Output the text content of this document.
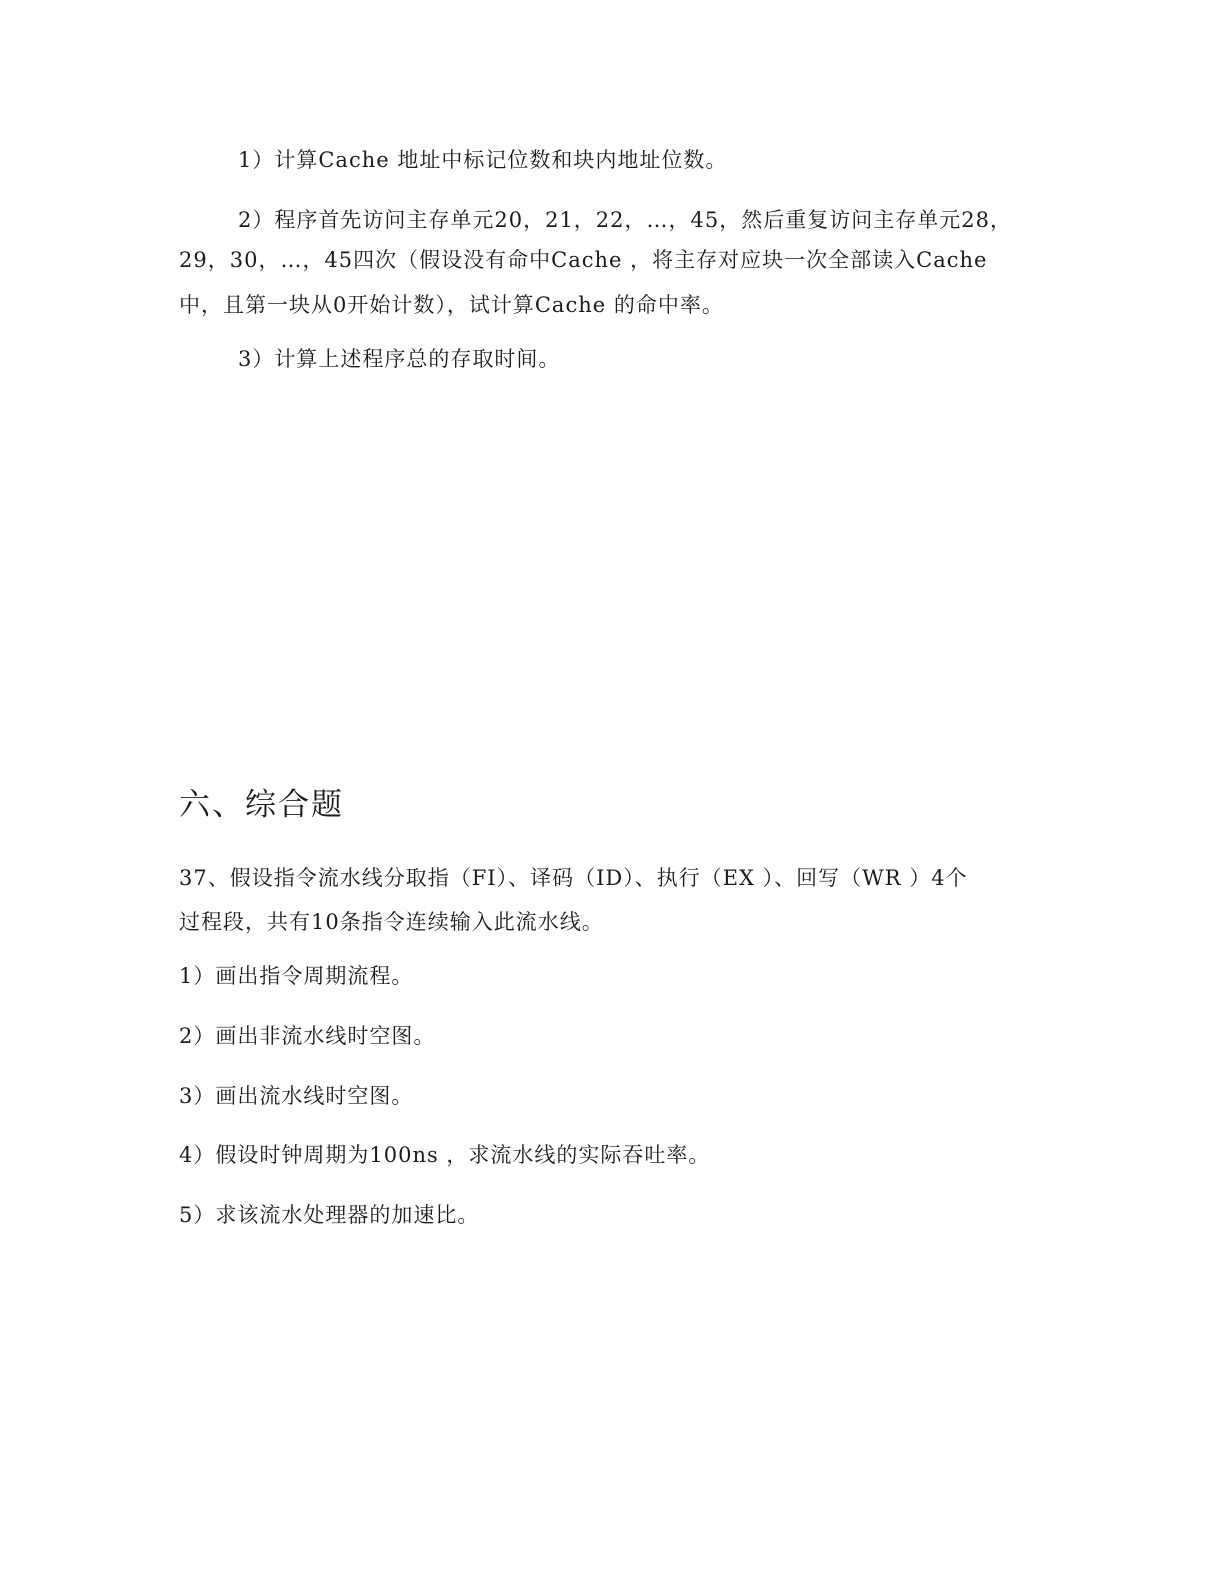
1）计算Cache 地址中标记位数和块内地址位数。
2）程序首先访问主存单元20，21，22，…，45，然后重复访问主存单元28，
29，30，…，45四次（假设没有命中Cache ，将主存对应块一次全部读入Cache
中，且第一块从0开始计数），试计算Cache 的命中率。
3）计算上述程序总的存取时间。
六、综合题
37、假设指令流水线分取指（FI）、译码（ID）、执行（EX ）、回写（WR ）4个
过程段，共有10条指令连续输入此流水线。
1）画出指令周期流程。
2）画出非流水线时空图。
3）画出流水线时空图。
4）假设时钟周期为100ns ，求流水线的实际吞吐率。
5）求该流水处理器的加速比。
